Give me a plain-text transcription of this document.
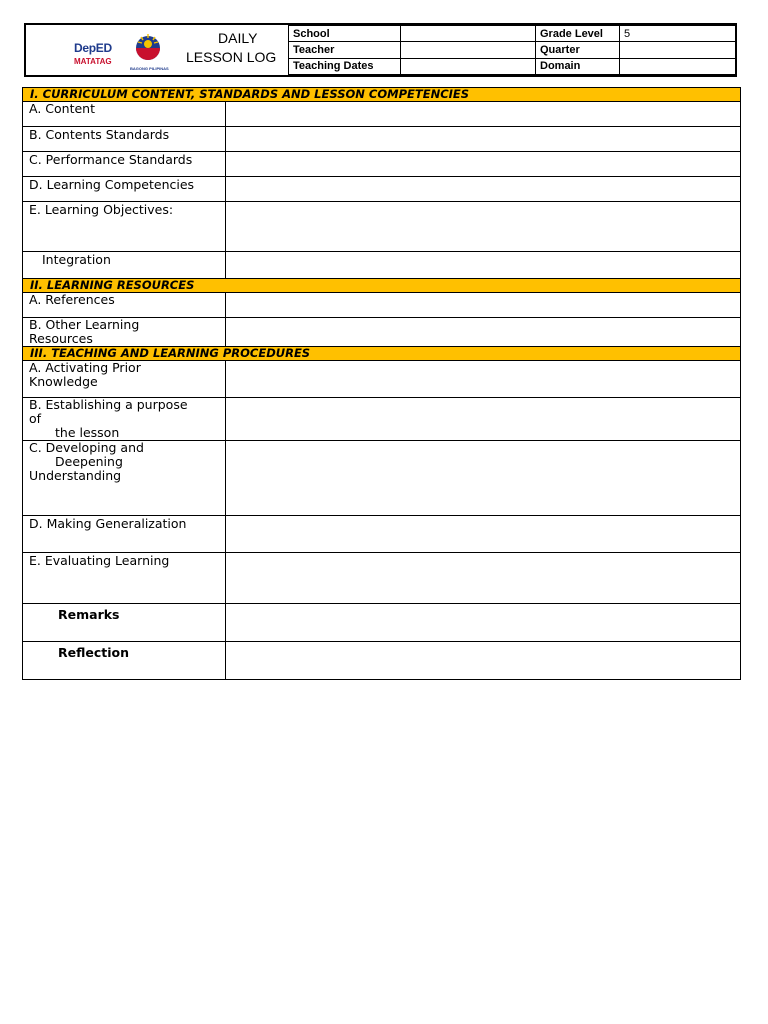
DepED
MATATAG
BAGONG PILIPINAS
DAILY
LESSON LOG
School		Grade Level	5
Teacher		Quarter	
Teaching Dates		Domain	
I. CURRICULUM CONTENT, STANDARDS AND LESSON COMPETENCIES	
A. Content	
B. Contents Standards	
C. Performance Standards	
D. Learning Competencies	
E. Learning Objectives:	
Integration	
II. LEARNING RESOURCES	
A. References	

B. Other Learning
Resources	

III. TEACHING AND LEARNING PROCEDURES	

A. Activating Prior
Knowledge	

B. Establishing a purpose
of
the lesson	

C. Developing and
Deepening
Understanding	

D. Making Generalization	
E. Evaluating Learning	
Remarks	
Reflection	
